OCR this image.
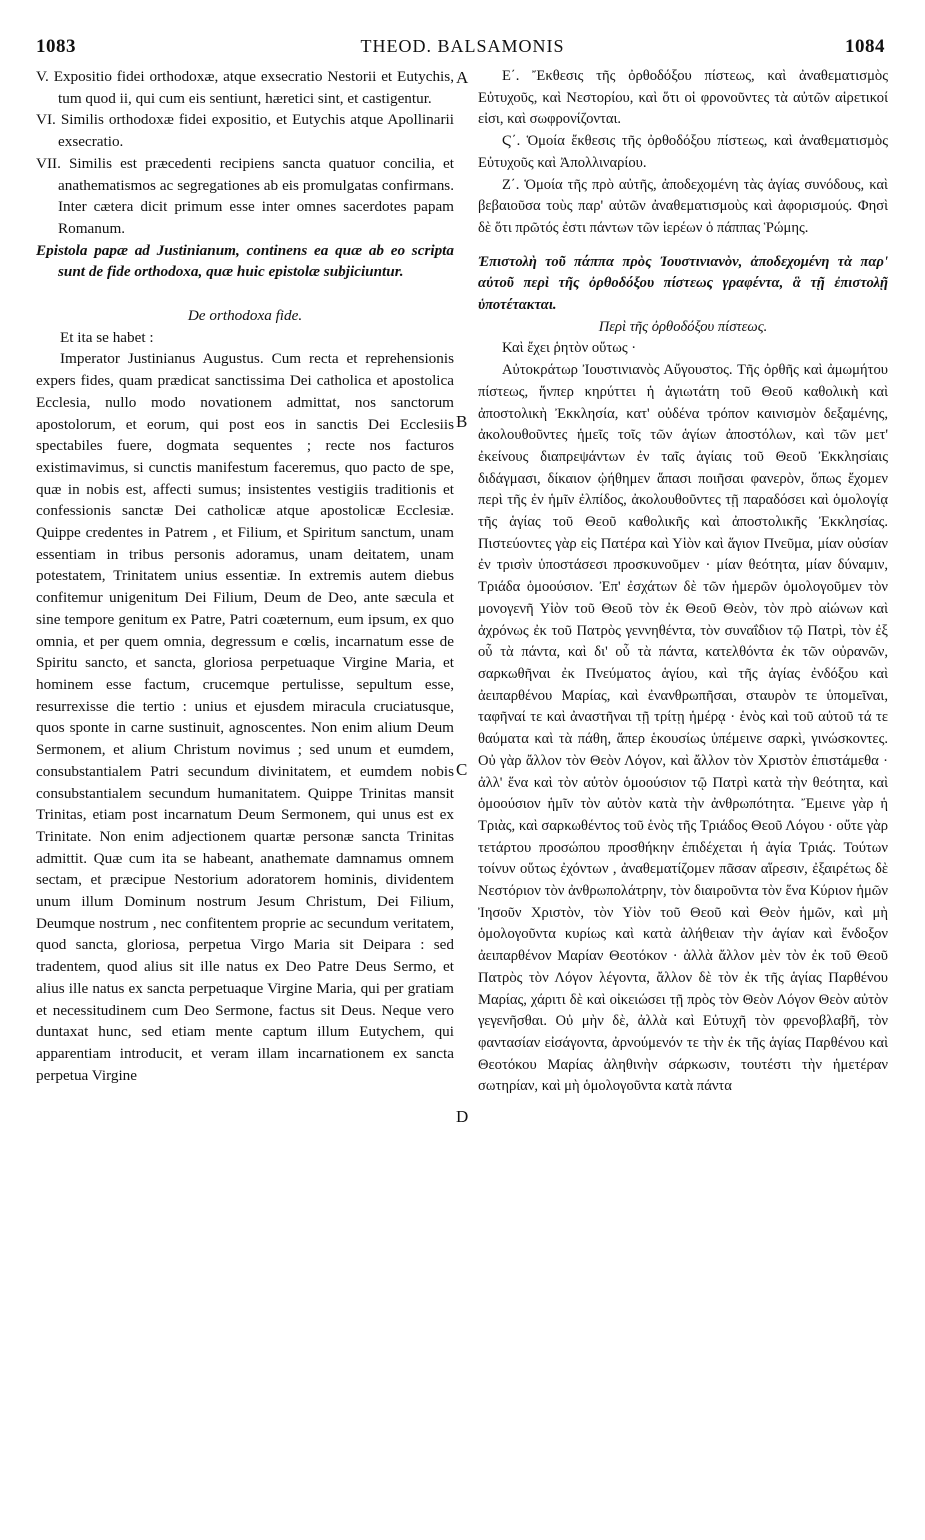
1083	THEOD. BALSAMONIS	1084

V. Expositio fidei orthodoxæ, atque exsecratio Nestorii et Eutychis, tum quod ii, qui cum eis sentiunt, hæretici sint, et castigentur.

VI. Similis orthodoxæ fidei expositio, et Eutychis atque Apollinarii exsecratio.

VII. Similis est præcedenti recipiens sancta quatuor concilia, et anathematismos ac segregationes ab eis promulgatas confirmans. Inter cætera dicit primum esse inter omnes sacerdotes papam Romanum.

Epistola papæ ad Justinianum, continens ea quæ ab eo scripta sunt de fide orthodoxa, quæ huic epistolæ subjiciuntur.

De orthodoxa fide.

Et ita se habet :

Imperator Justinianus Augustus. Cum recta et reprehensionis expers fides, quam prædicat sanctissima Dei catholica et apostolica Ecclesia, nullo modo novationem admittat, nos sanctorum apostolorum, et eorum, qui post eos in sanctis Dei Ecclesiis spectabiles fuere, dogmata sequentes ; recte nos facturos existimavimus, si cunctis manifestum faceremus, quo pacto de spe, quæ in nobis est, affecti sumus; insistentes vestigiis traditionis et confessionis sanctæ Dei catholicæ atque apostolicæ Ecclesiæ. Quippe credentes in Patrem , et Filium, et Spiritum sanctum, unam essentiam in tribus personis adoramus, unam deitatem, unam potestatem, Trinitatem unius essentiæ. In extremis autem diebus confitemur unigenitum Dei Filium, Deum de Deo, ante sæcula et sine tempore genitum ex Patre, Patri coæternum, eum ipsum, ex quo omnia, et per quem omnia, degressum e cœlis, incarnatum esse de Spiritu sancto, et sancta, gloriosa perpetuaque Virgine Maria, et hominem esse factum, crucemque pertulisse, sepultum esse, resurrexisse die tertio : unius et ejusdem miracula cruciatusque, quos sponte in carne sustinuit, agnoscentes. Non enim alium Deum Sermonem, et alium Christum novimus ; sed unum et eumdem, consubstantialem Patri secundum divinitatem, et eumdem nobis consubstantialem secundum humanitatem. Quippe Trinitas mansit Trinitas, etiam post incarnatum Deum Sermonem, qui unus est ex Trinitate. Non enim adjectionem quartæ personæ sancta Trinitas admittit. Quæ cum ita se habeant, anathemate damnamus omnem sectam, et præcipue Nestorium adoratorem hominis, dividentem unum illum Dominum nostrum Jesum Christum, Dei Filium, Deumque nostrum , nec confitentem proprie ac secundum veritatem, quod sancta, gloriosa, perpetua Virgo Maria sit Deipara : sed tradentem, quod alius sit ille natus ex Deo Patre Deus Sermo, et alius ille natus ex sancta perpetuaque Virgine Maria, qui per gratiam et necessitudinem cum Deo Sermone, factus sit Deus. Neque vero duntaxat hunc, sed etiam mente captum illum Eutychem, qui apparentiam introducit, et veram illam incarnationem ex sancta perpetua Virgine

A
B
C
D

Ε΄. Ἔκθεσις τῆς ὀρθοδόξου πίστεως, καὶ ἀναθεματισμὸς Εὐτυχοῦς, καὶ Νεστορίου, καὶ ὅτι οἱ φρονοῦντες τὰ αὐτῶν αἱρετικοί εἰσι, καὶ σωφρονίζονται.

Ϛ΄. Ὁμοία ἔκθεσις τῆς ὀρθοδόξου πίστεως, καὶ ἀναθεματισμὸς Εὐτυχοῦς καὶ Ἀπολλιναρίου.

Ζ΄. Ὁμοία τῆς πρὸ αὐτῆς, ἀποδεχομένη τὰς ἁγίας συνόδους, καὶ βεβαιοῦσα τοὺς παρ' αὐτῶν ἀναθεματισμοὺς καὶ ἀφορισμούς. Φησὶ δὲ ὅτι πρῶτός ἐστι πάντων τῶν ἱερέων ὁ πάππας Ῥώμης.

Ἐπιστολὴ τοῦ πάππα πρὸς Ἰουστινιανὸν, ἀποδεχομένη τὰ παρ' αὐτοῦ περὶ τῆς ὀρθοδόξου πίστεως γραφέντα, ἃ τῇ ἐπιστολῇ ὑποτέτακται.

Περὶ τῆς ὀρθοδόξου πίστεως.

Καὶ ἔχει ῥητὸν οὕτως ·

Αὐτοκράτωρ Ἰουστινιανὸς Αὔγουστος. Τῆς ὀρθῆς καὶ ἀμωμήτου πίστεως, ἥνπερ κηρύττει ἡ ἁγιωτάτη τοῦ Θεοῦ καθολικὴ καὶ ἀποστολικὴ Ἐκκλησία, κατ' οὐδένα τρόπον καινισμὸν δεξαμένης, ἀκολουθοῦντες ἡμεῖς τοῖς τῶν ἁγίων ἀποστόλων, καὶ τῶν μετ' ἐκείνους διαπρεψάντων ἐν ταῖς ἁγίαις τοῦ Θεοῦ Ἐκκλησίαις διδάγμασι, δίκαιον ᾠήθημεν ἅπασι ποιῆσαι φανερὸν, ὅπως ἔχομεν περὶ τῆς ἐν ἡμῖν ἐλπίδος, ἀκολουθοῦντες τῇ παραδόσει καὶ ὁμολογίᾳ τῆς ἁγίας τοῦ Θεοῦ καθολικῆς καὶ ἀποστολικῆς Ἐκκλησίας. Πιστεύοντες γὰρ εἰς Πατέρα καὶ Υἱὸν καὶ ἅγιον Πνεῦμα, μίαν οὐσίαν ἐν τρισὶν ὑποστάσεσι προσκυνοῦμεν · μίαν θεότητα, μίαν δύναμιν, Τριάδα ὁμοούσιον. Ἐπ' ἐσχάτων δὲ τῶν ἡμερῶν ὁμολογοῦμεν τὸν μονογενῆ Υἱὸν τοῦ Θεοῦ τὸν ἐκ Θεοῦ Θεὸν, τὸν πρὸ αἰώνων καὶ ἀχρόνως ἐκ τοῦ Πατρὸς γεννηθέντα, τὸν συναΐδιον τῷ Πατρὶ, τὸν ἐξ οὗ τὰ πάντα, καὶ δι' οὗ τὰ πάντα, κατελθόντα ἐκ τῶν οὐρανῶν, σαρκωθῆναι ἐκ Πνεύματος ἁγίου, καὶ τῆς ἁγίας ἐνδόξου καὶ ἀειπαρθένου Μαρίας, καὶ ἐνανθρωπῆσαι, σταυρὸν τε ὑπομεῖναι, ταφῆναί τε καὶ ἀναστῆναι τῇ τρίτῃ ἡμέρᾳ · ἑνὸς καὶ τοῦ αὐτοῦ τά τε θαύματα καὶ τὰ πάθη, ἅπερ ἑκουσίως ὑπέμεινε σαρκὶ, γινώσκοντες. Οὐ γὰρ ἄλλον τὸν Θεὸν Λόγον, καὶ ἄλλον τὸν Χριστὸν ἐπιστάμεθα · ἀλλ' ἕνα καὶ τὸν αὐτὸν ὁμοούσιον τῷ Πατρὶ κατὰ τὴν θεότητα, καὶ ὁμοούσιον ἡμῖν τὸν αὐτὸν κατὰ τὴν ἀνθρωπότητα. Ἔμεινε γὰρ ἡ Τριὰς, καὶ σαρκωθέντος τοῦ ἑνὸς τῆς Τριάδος Θεοῦ Λόγου · οὔτε γὰρ τετάρτου προσώπου προσθήκην ἐπιδέχεται ἡ ἁγία Τριάς. Τούτων τοίνυν οὕτως ἐχόντων , ἀναθεματίζομεν πᾶσαν αἵρεσιν, ἐξαιρέτως δὲ Νεστόριον τὸν ἀνθρωπολάτρην, τὸν διαιροῦντα τὸν ἕνα Κύριον ἡμῶν Ἰησοῦν Χριστὸν, τὸν Υἱὸν τοῦ Θεοῦ καὶ Θεὸν ἡμῶν, καὶ μὴ ὁμολογοῦντα κυρίως καὶ κατὰ ἀλήθειαν τὴν ἁγίαν καὶ ἔνδοξον ἀειπαρθένον Μαρίαν Θεοτόκον · ἀλλὰ ἄλλον μὲν τὸν ἐκ τοῦ Θεοῦ Πατρὸς τὸν Λόγον λέγοντα, ἄλλον δὲ τὸν ἐκ τῆς ἁγίας Παρθένου Μαρίας, χάριτι δὲ καὶ οἰκειώσει τῇ πρὸς τὸν Θεὸν Λόγον Θεὸν αὐτὸν γεγενῆσθαι. Οὐ μὴν δὲ, ἀλλὰ καὶ Εὐτυχῆ τὸν φρενοβλαβῆ, τὸν φαντασίαν εἰσάγοντα, ἀρνούμενόν τε τὴν ἐκ τῆς ἁγίας Παρθένου καὶ Θεοτόκου Μαρίας ἀληθινὴν σάρκωσιν, τουτέστι τὴν ἡμετέραν σωτηρίαν, καὶ μὴ ὁμολογοῦντα κατὰ πάντα
